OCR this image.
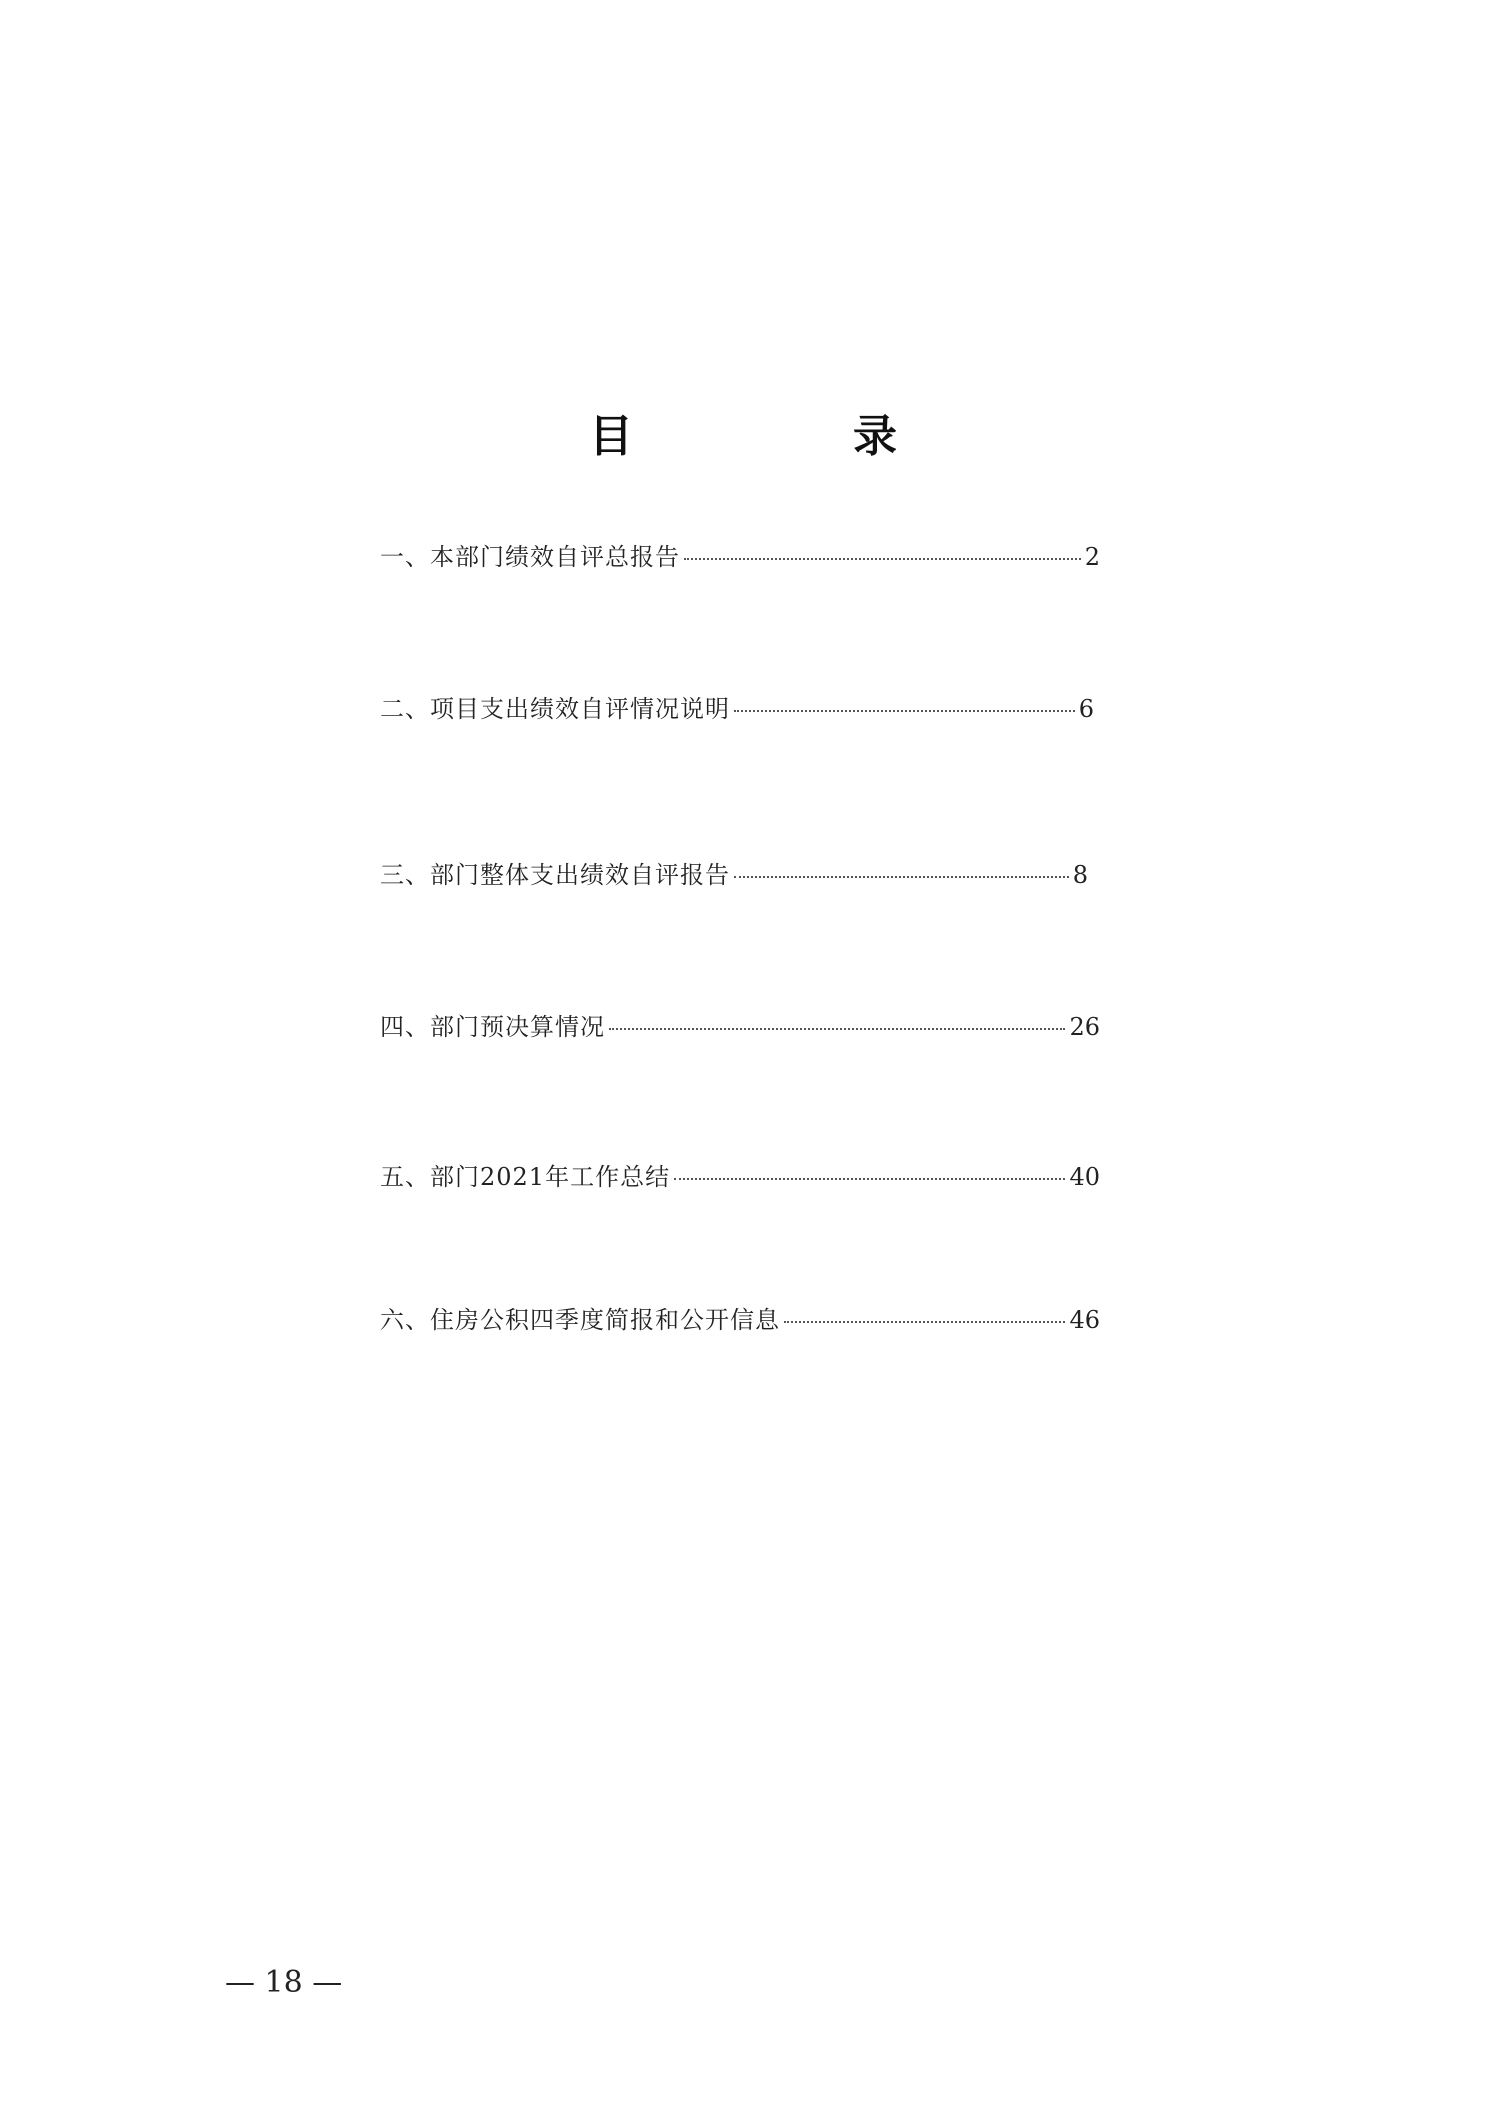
目　录
一、本部门绩效自评总报告	2
二、项目支出绩效自评情况说明	6
三、部门整体支出绩效自评报告	8
四、部门预决算情况	26
五、部门2021年工作总结	40
六、住房公积四季度简报和公开信息	46
— 18 —
